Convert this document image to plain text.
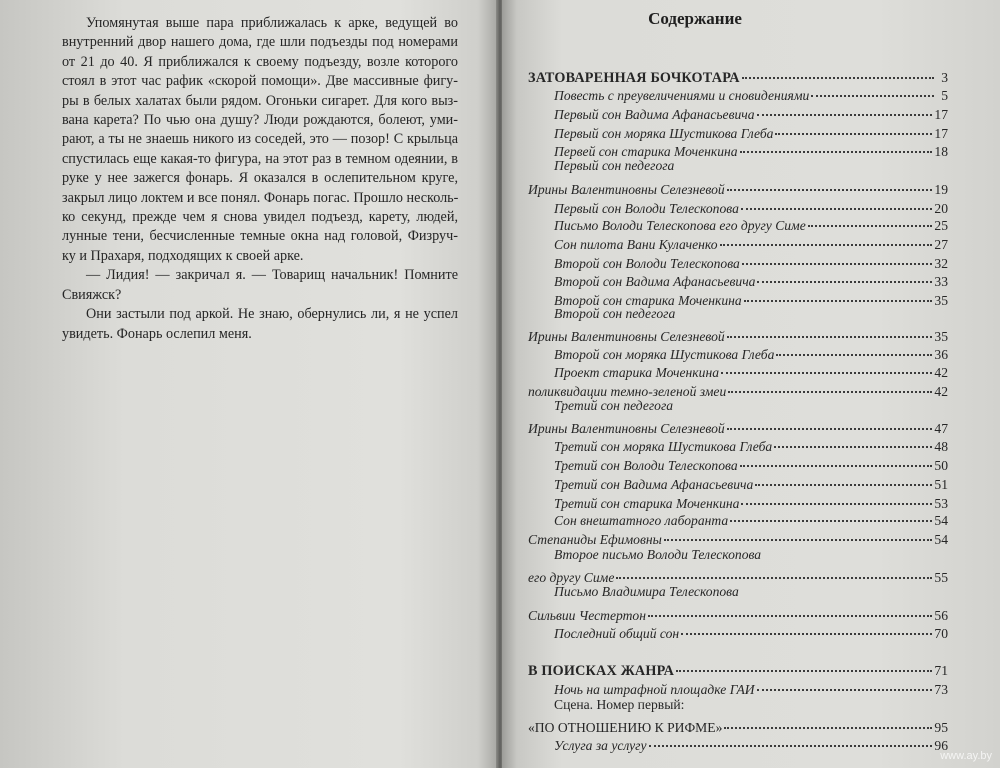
Упомянутая выше пара приближалась к арке, ведущей во
внутренний двор нашего дома, где шли подъезды под номерами
от 21 до 40. Я приближался к своему подъезду, возле которого
стоял в этот час рафик «скорой помощи». Две массивные фигу-
ры в белых халатах были рядом. Огоньки сигарет. Для кого выз-
вана карета? По чью она душу? Люди рождаются, болеют, уми-
рают, а ты не знаешь никого из соседей, это — позор! С крыльца
спустилась еще какая-то фигура, на этот раз в темном одеянии, в
руке у нее зажегся фонарь. Я оказался в ослепительном круге,
закрыл лицо локтем и все понял. Фонарь погас. Прошло несколь-
ко секунд, прежде чем я снова увидел подъезд, карету, людей,
лунные тени, бесчисленные темные окна над головой, Физруч-
ку и Прахаря, подходящих к своей арке.
— Лидия! — закричал я. — Товарищ начальник! Помните
Свияжск?
Они застыли под аркой. Не знаю, обернулись ли, я не успел
увидеть. Фонарь ослепил меня.
Содержание
ЗАТОВАРЕННАЯ БОЧКОТАРА	3
Повесть с преувеличениями и сновидениями	5
Первый сон Вадима Афанасьевича	17
Первый сон моряка Шустикова Глеба	17
Первей сон старика Моченкина	18
Первый сон педегога
Ирины Валентиновны Селезневой	19
Первый сон Володи Телескопова	20
Письмо Володи Телескопова его другу Симе	25
Сон пилота Вани Кулаченко	27
Второй сон Володи Телескопова	32
Второй сон Вадима Афанасьевича	33
Второй сон старика Моченкина	35
Второй сон педегога
Ирины Валентиновны Селезневой	35
Второй сон моряка Шустикова Глеба	36
Проект старика Моченкина	42
поликвидации темно-зеленой змеи	42
Третий сон педегога
Ирины Валентиновны Селезневой	47
Третий сон моряка Шустикова Глеба	48
Третий сон Володи Телескопова	50
Третий сон Вадима Афанасьевича	51
Третий сон старика Моченкина	53
Сон внештатного лаборанта	54
Степаниды Ефимовны	54
Второе письмо Володи Телескопова
его другу Симе	55
Письмо Владимира Телескопова
Сильвии Честертон	56
Последний общий сон	70
В ПОИСКАХ ЖАНРА	71
Ночь на штрафной площадке ГАИ	73
Сцена. Номер первый:
«ПО ОТНОШЕНИЮ К РИФМЕ»	95
Услуга за услугу	96
www.ay.by
